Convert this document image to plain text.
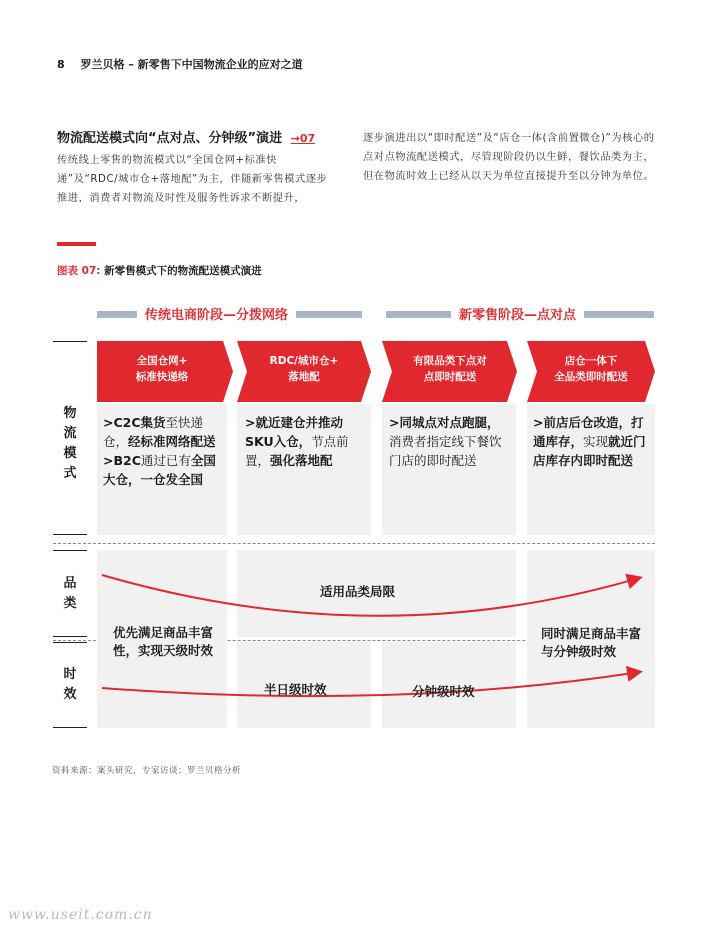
8 罗兰贝格 – 新零售下中国物流企业的应对之道
物流配送模式向“点对点、分钟级”演进 →07
传统线上零售的物流模式以“全国仓网+标准快递”及“RDC/城市仓+落地配”为主，伴随新零售模式逐步推进，消费者对物流及时性及服务性诉求不断提升，
逐步演进出以“即时配送”及“店仓一体(含前置微仓)”为核心的点对点物流配送模式，尽管现阶段仍以生鲜，餐饮品类为主，但在物流时效上已经从以天为单位直接提升至以分钟为单位。
图表 07: 新零售模式下的物流配送模式演进
传统电商阶段—分拨网络	新零售阶段—点对点
物
流
模
式
品
类
时
效
全国仓网+
标准快递络
RDC/城市仓+
落地配
有限品类下点对
点即时配送
店仓一体下
全品类即时配送
>C2C集货至快递仓，经标准网络配送
>B2C通过已有全国大仓，一仓发全国
>就近建仓并推动SKU入仓，节点前置，强化落地配
>同城点对点跑腿，消费者指定线下餐饮门店的即时配送
>前店后仓改造，打通库存，实现就近门店库存内即时配送
优先满足商品丰富性，实现天级时效
适用品类局限
半日级时效	分钟级时效
同时满足商品丰富与分钟级时效
资料来源：案头研究，专家访谈；罗兰贝格分析
www.useit.com.cn
